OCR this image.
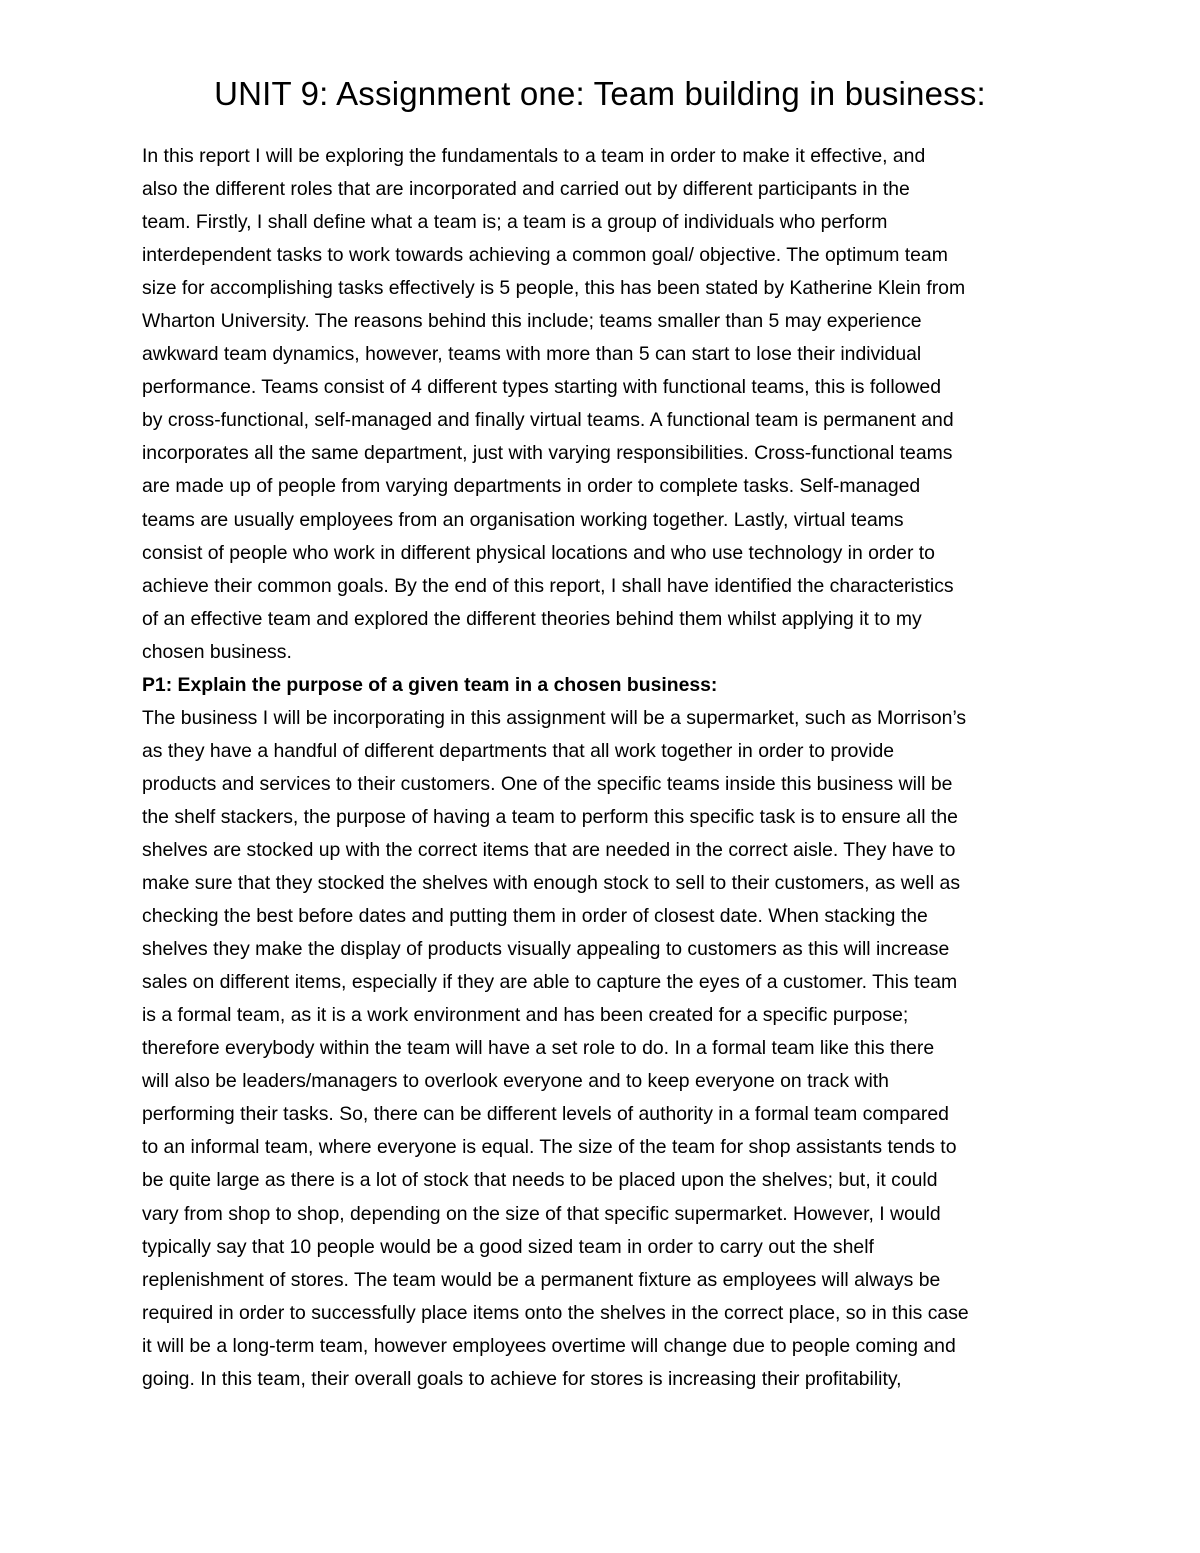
UNIT 9: Assignment one: Team building in business:
In this report I will be exploring the fundamentals to a team in order to make it effective, and
also the different roles that are incorporated and carried out by different participants in the
team. Firstly, I shall define what a team is; a team is a group of individuals who perform
interdependent tasks to work towards achieving a common goal/ objective. The optimum team
size for accomplishing tasks effectively is 5 people, this has been stated by Katherine Klein from
Wharton University. The reasons behind this include; teams smaller than 5 may experience
awkward team dynamics, however, teams with more than 5 can start to lose their individual
performance. Teams consist of 4 different types starting with functional teams, this is followed
by cross-functional, self-managed and finally virtual teams. A functional team is permanent and
incorporates all the same department, just with varying responsibilities. Cross-functional teams
are made up of people from varying departments in order to complete tasks. Self-managed
teams are usually employees from an organisation working together. Lastly, virtual teams
consist of people who work in different physical locations and who use technology in order to
achieve their common goals. By the end of this report, I shall have identified the characteristics
of an effective team and explored the different theories behind them whilst applying it to my
chosen business.
P1: Explain the purpose of a given team in a chosen business:
The business I will be incorporating in this assignment will be a supermarket, such as Morrison’s
as they have a handful of different departments that all work together in order to provide
products and services to their customers. One of the specific teams inside this business will be
the shelf stackers, the purpose of having a team to perform this specific task is to ensure all the
shelves are stocked up with the correct items that are needed in the correct aisle. They have to
make sure that they stocked the shelves with enough stock to sell to their customers, as well as
checking the best before dates and putting them in order of closest date. When stacking the
shelves they make the display of products visually appealing to customers as this will increase
sales on different items, especially if they are able to capture the eyes of a customer. This team
is a formal team, as it is a work environment and has been created for a specific purpose;
therefore everybody within the team will have a set role to do. In a formal team like this there
will also be leaders/managers to overlook everyone and to keep everyone on track with
performing their tasks. So, there can be different levels of authority in a formal team compared
to an informal team, where everyone is equal. The size of the team for shop assistants tends to
be quite large as there is a lot of stock that needs to be placed upon the shelves; but, it could
vary from shop to shop, depending on the size of that specific supermarket. However, I would
typically say that 10 people would be a good sized team in order to carry out the shelf
replenishment of stores. The team would be a permanent fixture as employees will always be
required in order to successfully place items onto the shelves in the correct place, so in this case
it will be a long-term team, however employees overtime will change due to people coming and
going. In this team, their overall goals to achieve for stores is increasing their profitability,
